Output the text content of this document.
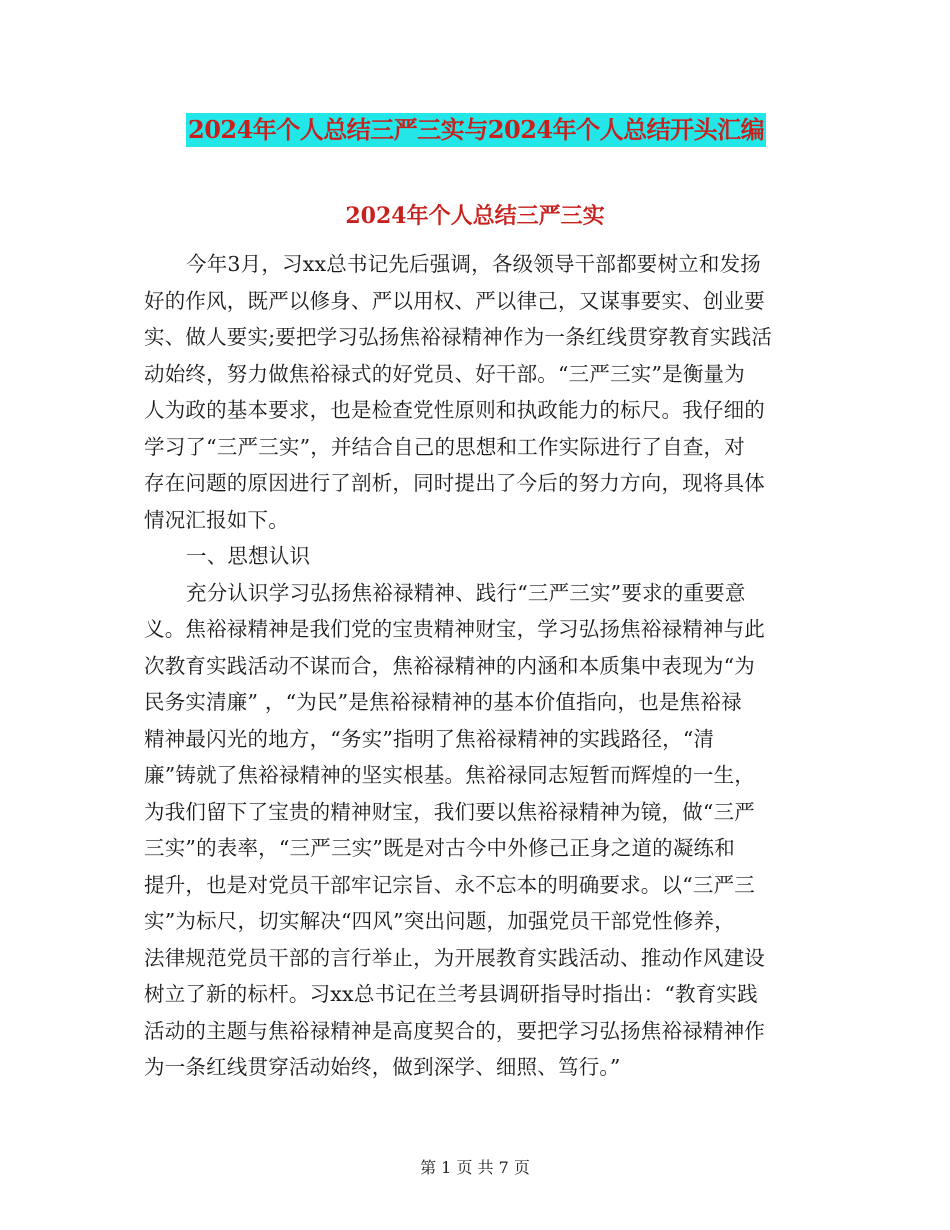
2024年个人总结三严三实与2024年个人总结开头汇编
2024年个人总结三严三实
今年3月，习xx总书记先后强调，各级领导干部都要树立和发扬
好的作风，既严以修身、严以用权、严以律己，又谋事要实、创业要
实、做人要实;要把学习弘扬焦裕禄精神作为一条红线贯穿教育实践活
动始终，努力做焦裕禄式的好党员、好干部。“三严三实”是衡量为
人为政的基本要求，也是检查党性原则和执政能力的标尺。我仔细的
学习了“三严三实”，并结合自己的思想和工作实际进行了自查，对
存在问题的原因进行了剖析，同时提出了今后的努力方向，现将具体
情况汇报如下。
一、思想认识
充分认识学习弘扬焦裕禄精神、践行“三严三实”要求的重要意
义。焦裕禄精神是我们党的宝贵精神财宝，学习弘扬焦裕禄精神与此
次教育实践活动不谋而合，焦裕禄精神的内涵和本质集中表现为“为
民务实清廉” ，“为民”是焦裕禄精神的基本价值指向，也是焦裕禄
精神最闪光的地方，“务实”指明了焦裕禄精神的实践路径，“清
廉”铸就了焦裕禄精神的坚实根基。焦裕禄同志短暂而辉煌的一生，
为我们留下了宝贵的精神财宝，我们要以焦裕禄精神为镜，做“三严
三实”的表率，“三严三实”既是对古今中外修己正身之道的凝练和
提升，也是对党员干部牢记宗旨、永不忘本的明确要求。以“三严三
实”为标尺，切实解决“四风”突出问题，加强党员干部党性修养，
法律规范党员干部的言行举止，为开展教育实践活动、推动作风建设
树立了新的标杆。习xx总书记在兰考县调研指导时指出：“教育实践
活动的主题与焦裕禄精神是高度契合的，要把学习弘扬焦裕禄精神作
为一条红线贯穿活动始终，做到深学、细照、笃行。”
第 1 页 共 7 页
